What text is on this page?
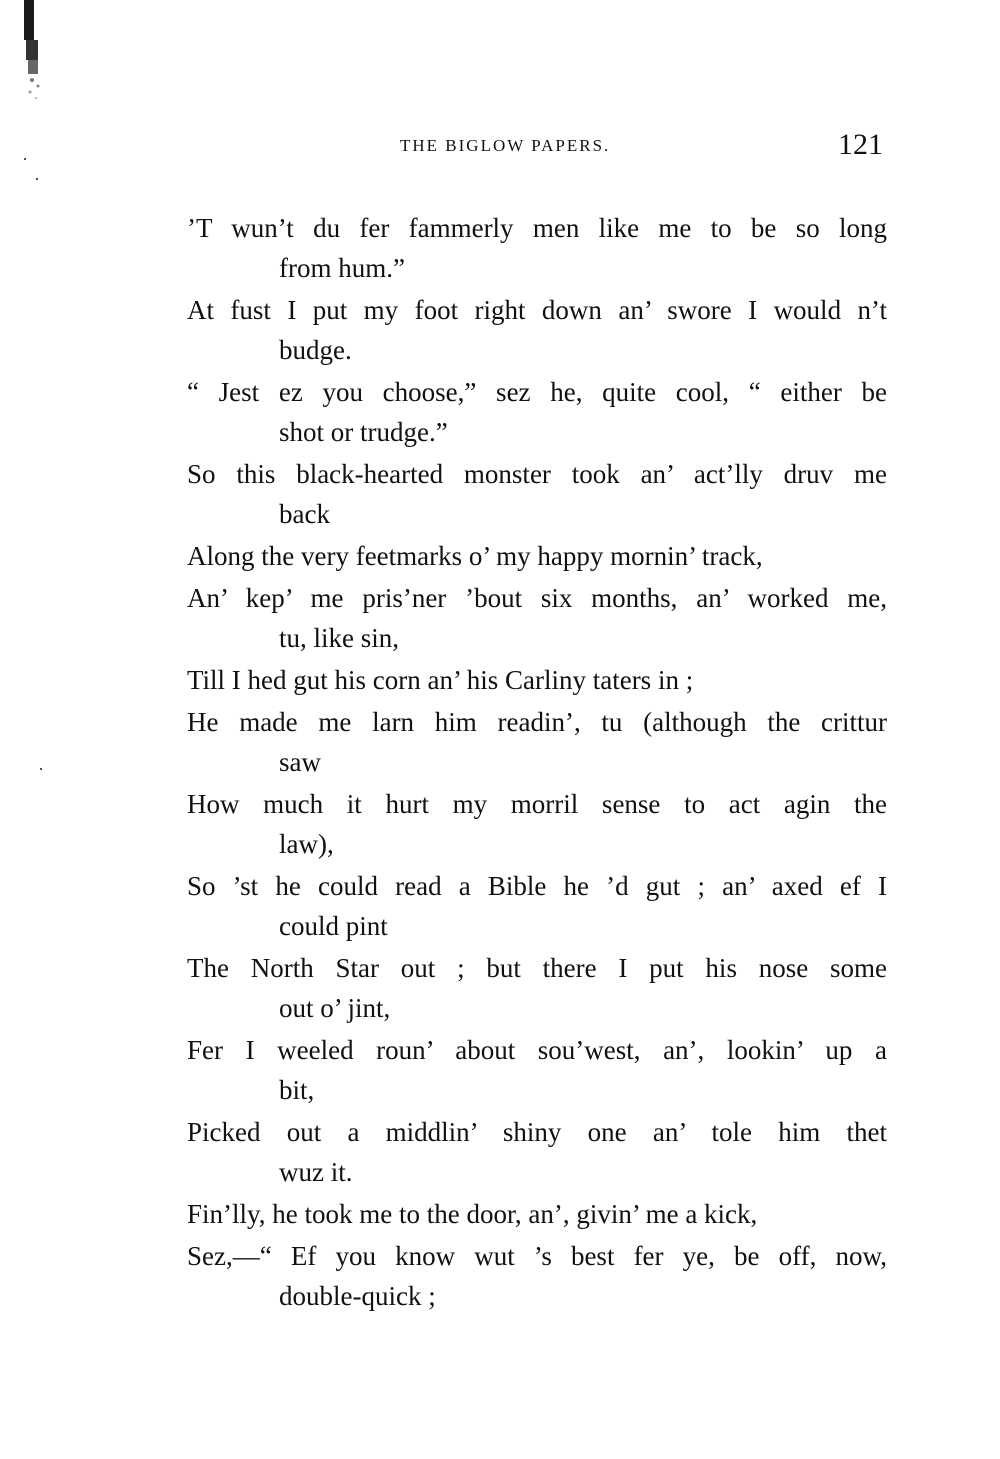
THE BIGLOW PAPERS.	121
’T wun’t du fer fammerly men like me to be so long
from hum.”
At fust I put my foot right down an’ swore I would n’t
budge.
“ Jest ez you choose,” sez he, quite cool, “ either be
shot or trudge.”
So this black-hearted monster took an’ act’lly druv me
back
Along the very feetmarks o’ my happy mornin’ track,
An’ kep’ me pris’ner ’bout six months, an’ worked me,
tu, like sin,
Till I hed gut his corn an’ his Carliny taters in ;
He made me larn him readin’, tu (although the crittur
saw
How much it hurt my morril sense to act agin the
law),
So ’st he could read a Bible he ’d gut ; an’ axed ef I
could pint
The North Star out ; but there I put his nose some
out o’ jint,
Fer I weeled roun’ about sou’west, an’, lookin’ up a
bit,
Picked out a middlin’ shiny one an’ tole him thet
wuz it.
Fin’lly, he took me to the door, an’, givin’ me a kick,
Sez,—“ Ef you know wut ’s best fer ye, be off, now,
double-quick ;
